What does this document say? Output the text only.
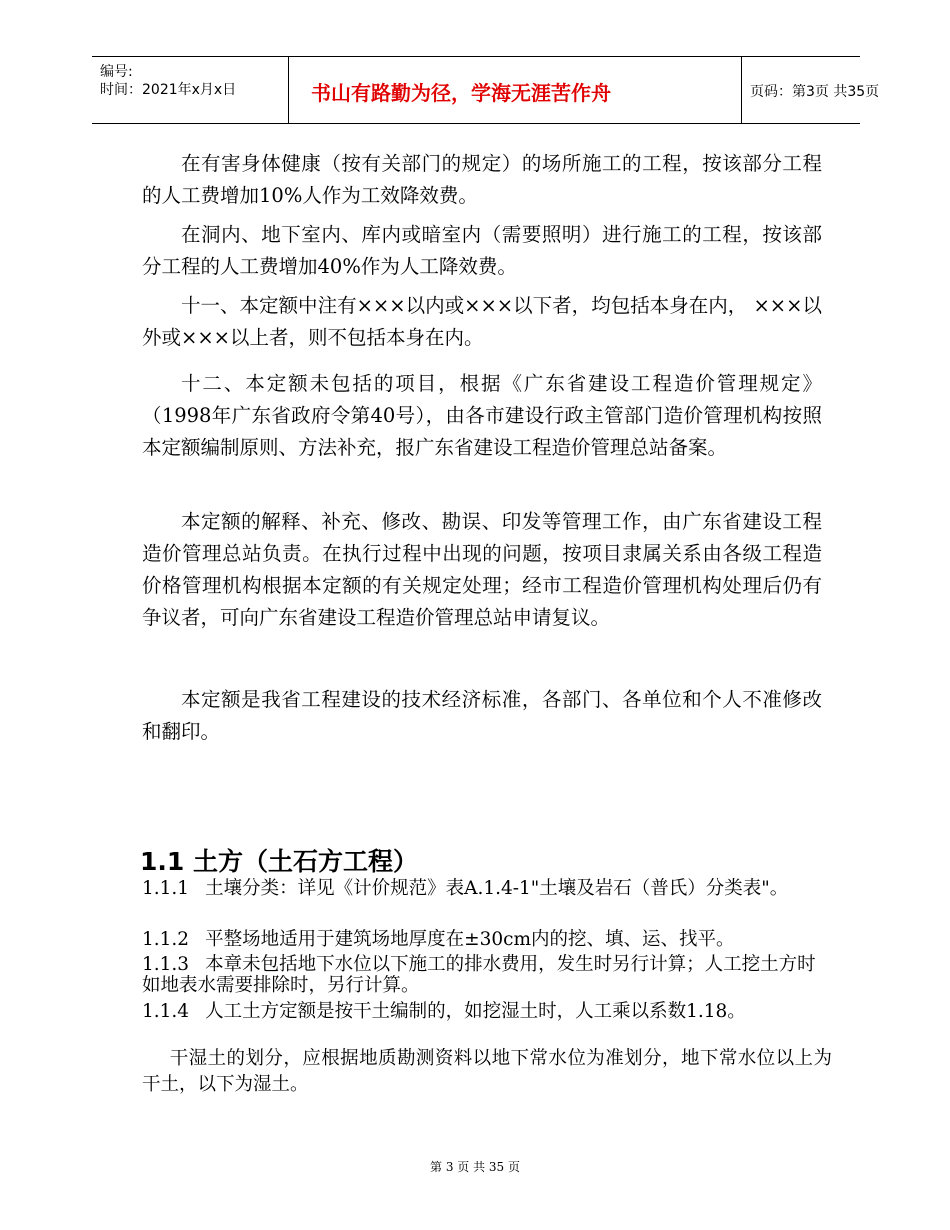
编号:
时间：2021年x月x日	书山有路勤为径，学海无涯苦作舟	页码：第3页 共35页

在有害身体健康（按有关部门的规定）的场所施工的工程，按该部分工程的人工费增加10%人作为工效降效费。

在洞内、地下室内、库内或暗室内（需要照明）进行施工的工程，按该部分工程的人工费增加40%作为人工降效费。

十一、本定额中注有×××以内或×××以下者，均包括本身在内， ×××以外或×××以上者，则不包括本身在内。

十二、本定额未包括的项目，根据《广东省建设工程造价管理规定》（1998年广东省政府令第40号），由各市建设行政主管部门造价管理机构按照本定额编制原则、方法补充，报广东省建设工程造价管理总站备案。

本定额的解释、补充、修改、勘误、印发等管理工作，由广东省建设工程造价管理总站负责。在执行过程中出现的问题，按项目隶属关系由各级工程造价格管理机构根据本定额的有关规定处理；经市工程造价管理机构处理后仍有争议者，可向广东省建设工程造价管理总站申请复议。

本定额是我省工程建设的技术经济标准，各部门、各单位和个人不准修改和翻印。

1.1 土方（土石方工程）

1.1.1 土壤分类：详见《计价规范》表A.1.4-1"土壤及岩石（普氏）分类表"。

1.1.2 平整场地适用于建筑场地厚度在±30cm内的挖、填、运、找平。

1.1.3 本章未包括地下水位以下施工的排水费用，发生时另行计算；人工挖土方时如地表水需要排除时，另行计算。

1.1.4 人工土方定额是按干土编制的，如挖湿土时，人工乘以系数1.18。

干湿土的划分，应根据地质勘测资料以地下常水位为准划分，地下常水位以上为干土，以下为湿土。

第 3 页 共 35 页
